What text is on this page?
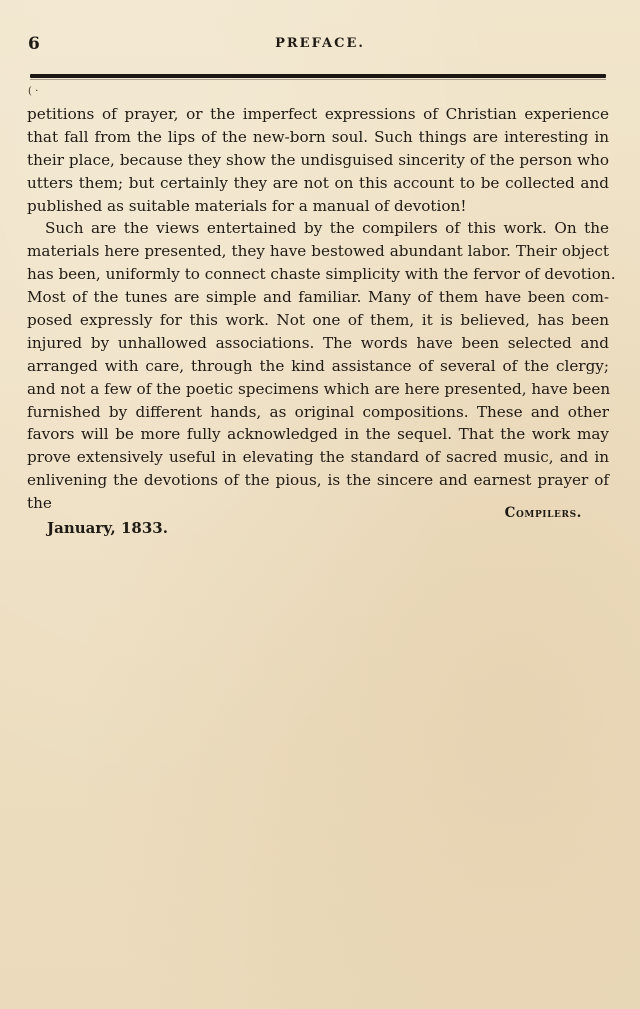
6	PREFACE.
( ·
petitions of prayer, or the imperfect expressions of Christian experience
that fall from the lips of the new-born soul. Such things are interesting in
their place, because they show the undisguised sincerity of the person who
utters them; but certainly they are not on this account to be collected and
published as suitable materials for a manual of devotion!
Such are the views entertained by the compilers of this work. On the
materials here presented, they have bestowed abundant labor. Their object
has been, uniformly to connect chaste simplicity with the fervor of devotion.
Most of the tunes are simple and familiar. Many of them have been com-
posed expressly for this work. Not one of them, it is believed, has been
injured by unhallowed associations. The words have been selected and
arranged with care, through the kind assistance of several of the clergy;
and not a few of the poetic specimens which are here presented, have been
furnished by different hands, as original compositions. These and other
favors will be more fully acknowledged in the sequel. That the work may
prove extensively useful in elevating the standard of sacred music, and in
enlivening the devotions of the pious, is the sincere and earnest prayer of
the
Compilers.
January, 1833.
